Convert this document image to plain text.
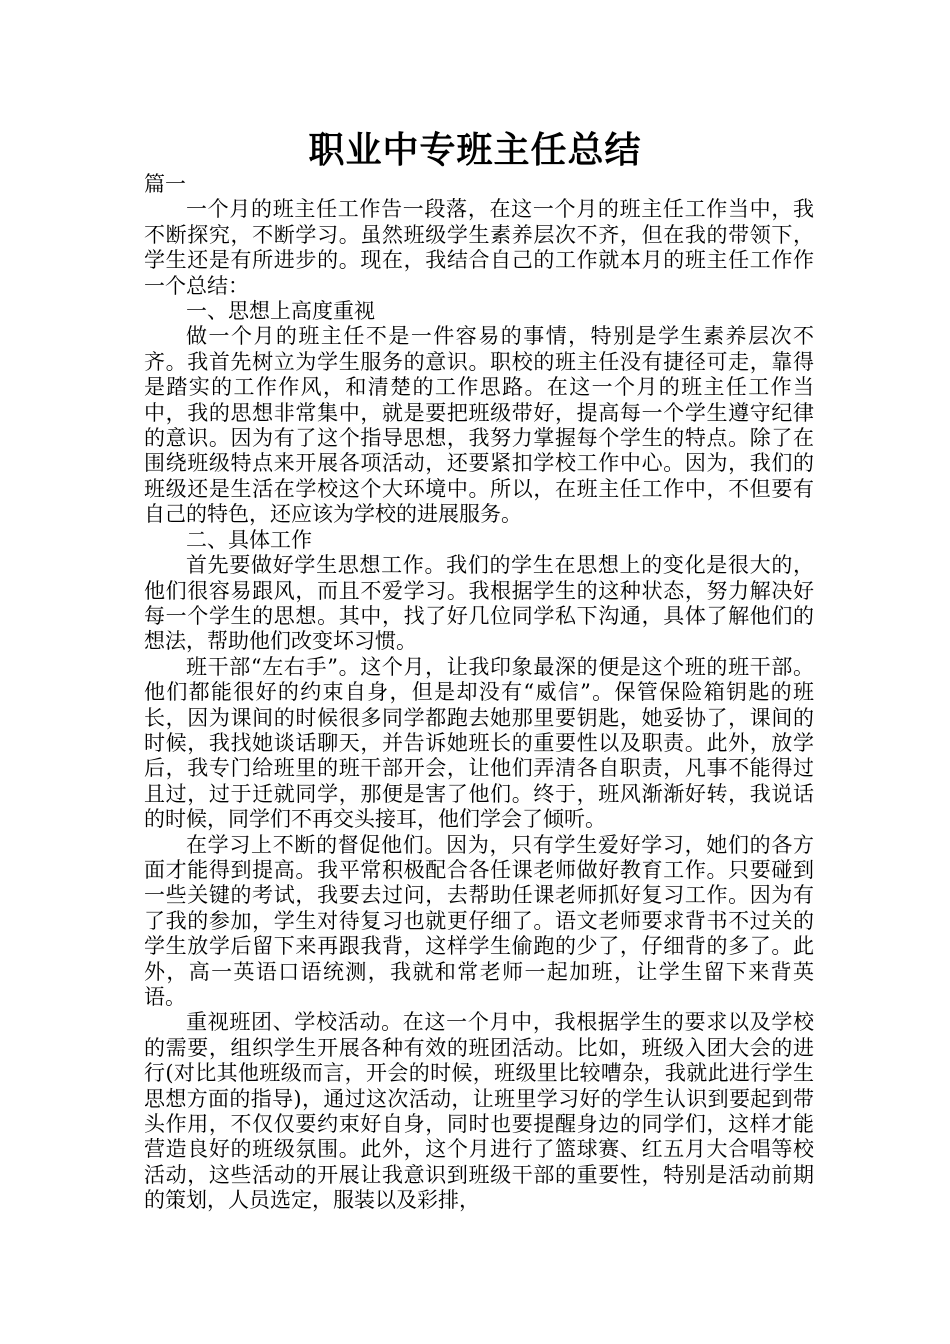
职业中专班主任总结

篇一

一个月的班主任工作告一段落，在这一个月的班主任工作当中，我不断探究，不断学习。虽然班级学生素养层次不齐，但在我的带领下，学生还是有所进步的。现在，我结合自己的工作就本月的班主任工作作一个总结：

一、思想上高度重视

做一个月的班主任不是一件容易的事情，特别是学生素养层次不齐。我首先树立为学生服务的意识。职校的班主任没有捷径可走，靠得是踏实的工作作风，和清楚的工作思路。在这一个月的班主任工作当中，我的思想非常集中，就是要把班级带好，提高每一个学生遵守纪律的意识。因为有了这个指导思想，我努力掌握每个学生的特点。除了在围绕班级特点来开展各项活动，还要紧扣学校工作中心。因为，我们的班级还是生活在学校这个大环境中。所以，在班主任工作中，不但要有自己的特色，还应该为学校的进展服务。

二、具体工作

首先要做好学生思想工作。我们的学生在思想上的变化是很大的，他们很容易跟风，而且不爱学习。我根据学生的这种状态，努力解决好每一个学生的思想。其中，找了好几位同学私下沟通，具体了解他们的想法，帮助他们改变坏习惯。

班干部“左右手”。这个月，让我印象最深的便是这个班的班干部。他们都能很好的约束自身，但是却没有“威信”。保管保险箱钥匙的班长，因为课间的时候很多同学都跑去她那里要钥匙，她妥协了，课间的时候，我找她谈话聊天，并告诉她班长的重要性以及职责。此外，放学后，我专门给班里的班干部开会，让他们弄清各自职责，凡事不能得过且过，过于迁就同学，那便是害了他们。终于，班风渐渐好转，我说话的时候，同学们不再交头接耳，他们学会了倾听。

在学习上不断的督促他们。因为，只有学生爱好学习，她们的各方面才能得到提高。我平常积极配合各任课老师做好教育工作。只要碰到一些关键的考试，我要去过问，去帮助任课老师抓好复习工作。因为有了我的参加，学生对待复习也就更仔细了。语文老师要求背书不过关的学生放学后留下来再跟我背，这样学生偷跑的少了，仔细背的多了。此外，高一英语口语统测，我就和常老师一起加班，让学生留下来背英语。

重视班团、学校活动。在这一个月中，我根据学生的要求以及学校的需要，组织学生开展各种有效的班团活动。比如，班级入团大会的进行(对比其他班级而言，开会的时候，班级里比较嘈杂，我就此进行学生思想方面的指导)，通过这次活动，让班里学习好的学生认识到要起到带头作用，不仅仅要约束好自身，同时也要提醒身边的同学们，这样才能营造良好的班级氛围。此外，这个月进行了篮球赛、红五月大合唱等校活动，这些活动的开展让我意识到班级干部的重要性，特别是活动前期的策划，人员选定，服装以及彩排，
